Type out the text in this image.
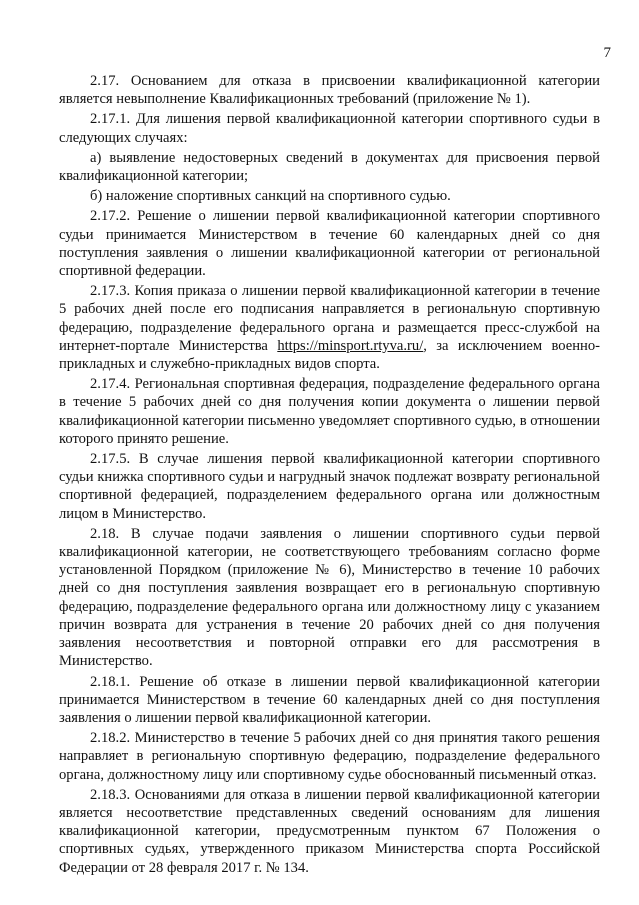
7

2.17. Основанием для отказа в присвоении квалификационной категории является невыполнение Квалификационных требований (приложение № 1).

2.17.1. Для лишения первой квалификационной категории спортивного судьи в следующих случаях:

а) выявление недостоверных сведений в документах для присвоения первой квалификационной категории;

б) наложение спортивных санкций на спортивного судью.

2.17.2. Решение о лишении первой квалификационной категории спортивного судьи принимается Министерством в течение 60 календарных дней со дня поступления заявления о лишении квалификационной категории от региональной спортивной федерации.

2.17.3. Копия приказа о лишении первой квалификационной категории в течение 5 рабочих дней после его подписания направляется в региональную спортивную федерацию, подразделение федерального органа и размещается пресс-службой на интернет-портале Министерства https://minsport.rtyva.ru/, за исключением военно-прикладных и служебно-прикладных видов спорта.

2.17.4. Региональная спортивная федерация, подразделение федерального органа в течение 5 рабочих дней со дня получения копии документа о лишении первой квалификационной категории письменно уведомляет спортивного судью, в отношении которого принято решение.

2.17.5. В случае лишения первой квалификационной категории спортивного судьи книжка спортивного судьи и нагрудный значок подлежат возврату региональной спортивной федерацией, подразделением федерального органа или должностным лицом в Министерство.

2.18. В случае подачи заявления о лишении спортивного судьи первой квалификационной категории, не соответствующего требованиям согласно форме установленной Порядком (приложение № 6), Министерство в течение 10 рабочих дней со дня поступления заявления возвращает его в региональную спортивную федерацию, подразделение федерального органа или должностному лицу с указанием причин возврата для устранения в течение 20 рабочих дней со дня получения заявления несоответствия и повторной отправки его для рассмотрения в Министерство.

2.18.1. Решение об отказе в лишении первой квалификационной категории принимается Министерством в течение 60 календарных дней со дня поступления заявления о лишении первой квалификационной категории.

2.18.2. Министерство в течение 5 рабочих дней со дня принятия такого решения направляет в региональную спортивную федерацию, подразделение федерального органа, должностному лицу или спортивному судье обоснованный письменный отказ.

2.18.3. Основаниями для отказа в лишении первой квалификационной категории является несоответствие представленных сведений основаниям для лишения квалификационной категории, предусмотренным пунктом 67 Положения о спортивных судьях, утвержденного приказом Министерства спорта Российской Федерации от 28 февраля 2017 г. № 134.
